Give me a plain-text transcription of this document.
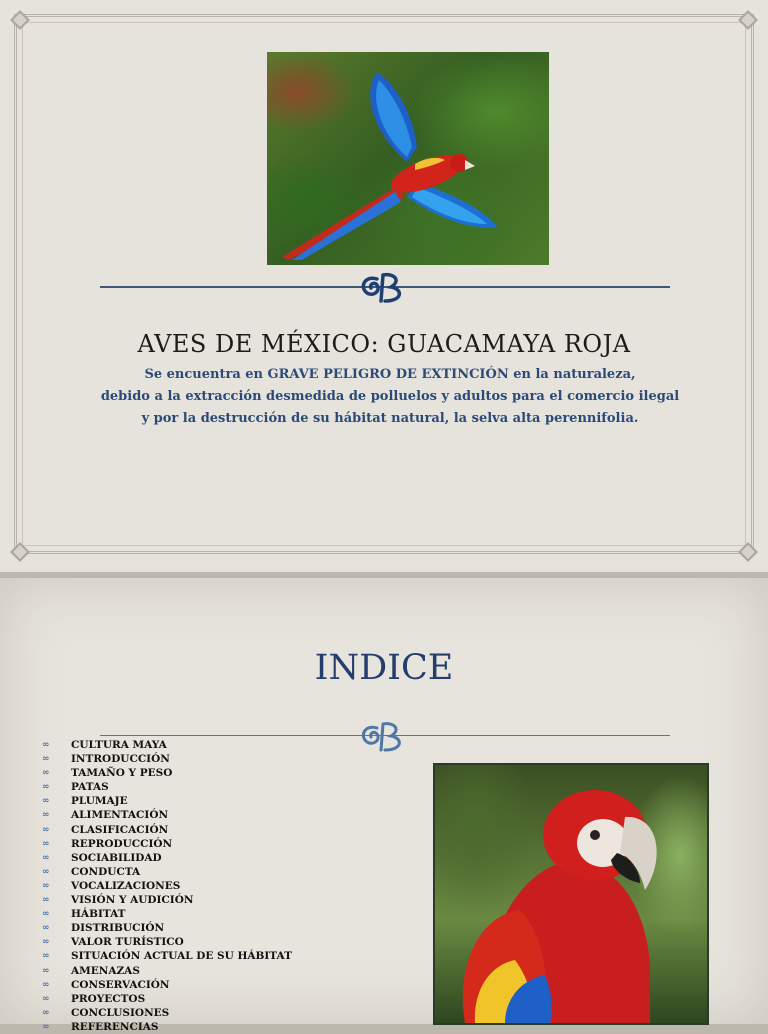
AVES DE MÉXICO: GUACAMAYA ROJA
Se encuentra en GRAVE PELIGRO DE EXTINCIÓN en la naturaleza,
debido a la extracción desmedida de polluelos y adultos para el comercio ilegal
y por la destrucción de su hábitat natural, la selva alta perennifolia.
INDICE
∞	CULTURA MAYA
∞	INTRODUCCIÓN
∞	TAMAÑO Y PESO
∞	PATAS
∞	PLUMAJE
∞	ALIMENTACIÓN
∞	CLASIFICACIÓN
∞	REPRODUCCIÓN
∞	SOCIABILIDAD
∞	CONDUCTA
∞	VOCALIZACIONES
∞	VISIÓN Y AUDICIÓN
∞	HÁBITAT
∞	DISTRIBUCIÓN
∞	VALOR TURÍSTICO
∞	SITUACIÓN ACTUAL DE SU HÁBITAT
∞	AMENAZAS
∞	CONSERVACIÓN
∞	PROYECTOS
∞	CONCLUSIONES
∞	REFERENCIAS
